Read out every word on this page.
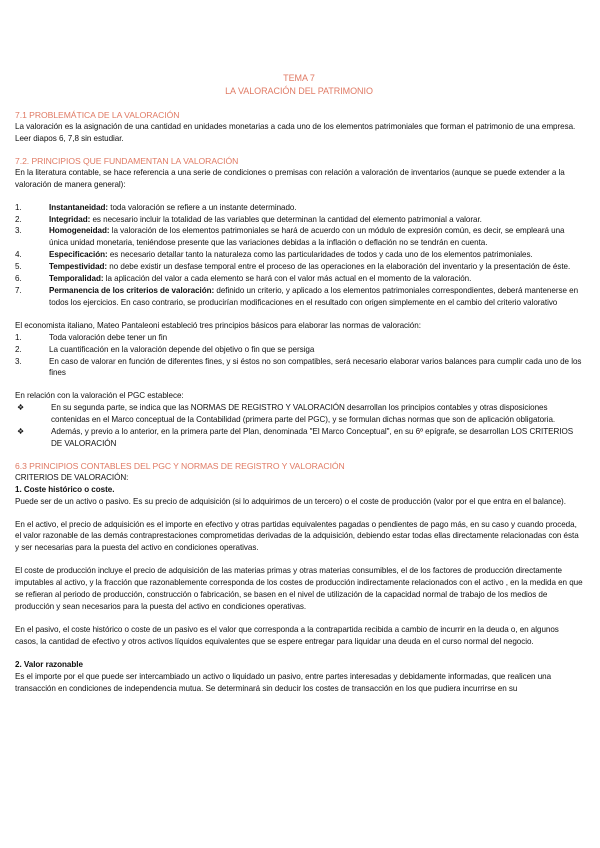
TEMA 7
LA VALORACIÓN DEL PATRIMONIO

7.1 PROBLEMÁTICA DE LA VALORACIÓN

La valoración es la asignación de una cantidad en unidades monetarias a cada uno de los elementos patrimoniales que forman el patrimonio de una empresa. Leer diapos 6, 7,8 sin estudiar.

7.2. PRINCIPIOS QUE FUNDAMENTAN LA VALORACIÓN

En la literatura contable, se hace referencia a una serie de condiciones o premisas con relación a valoración de inventarios (aunque se puede extender a la valoración de manera general):

1.	Instantaneidad: toda valoración se refiere a un instante determinado.
2.	Integridad: es necesario incluir la totalidad de las variables que determinan la cantidad del elemento patrimonial a valorar.
3.	Homogeneidad: la valoración de los elementos patrimoniales se hará de acuerdo con un módulo de expresión común, es decir, se empleará una única unidad monetaria, teniéndose presente que las variaciones debidas a la inflación o deflación no se tendrán en cuenta.
4.	Especificación: es necesario detallar tanto la naturaleza como las particularidades de todos y cada uno de los elementos patrimoniales.
5.	Tempestividad: no debe existir un desfase temporal entre el proceso de las operaciones en la elaboración del inventario y la presentación de éste.
6.	Temporalidad: la aplicación del valor a cada elemento se hará con el valor más actual en el momento de la valoración.
7.	Permanencia de los criterios de valoración: definido un criterio, y aplicado a los elementos patrimoniales correspondientes, deberá mantenerse en todos los ejercicios. En caso contrario, se producirían modificaciones en el resultado con origen simplemente en el cambio del criterio valorativo

El economista italiano, Mateo Pantaleoni estableció tres principios básicos para elaborar las normas de valoración:

1.	Toda valoración debe tener un fin
2.	La cuantificación en la valoración depende del objetivo o fin que se persiga
3.	En caso de valorar en función de diferentes fines, y si éstos no son compatibles, será necesario elaborar varios balances para cumplir cada uno de los fines

En relación con la valoración el PGC establece:

❖	En su segunda parte, se indica que las NORMAS DE REGISTRO Y VALORACIÓN desarrollan los principios contables y otras disposiciones contenidas en el Marco conceptual de la Contabilidad (primera parte del PGC), y se formulan dichas normas que son de aplicación obligatoria.
❖	Además, y previo a lo anterior, en la primera parte del Plan, denominada "El Marco Conceptual", en su 6º epígrafe, se desarrollan LOS CRITERIOS DE VALORACIÓN

6.3 PRINCIPIOS CONTABLES DEL PGC Y NORMAS DE REGISTRO Y VALORACIÓN

CRITERIOS DE VALORACIÓN:

1. Coste histórico o coste.

Puede ser de un activo o pasivo. Es su precio de adquisición (si lo adquirimos de un tercero) o el coste de producción (valor por el que entra en el balance).

En el activo, el precio de adquisición es el importe en efectivo y otras partidas equivalentes pagadas o pendientes de pago más, en su caso y cuando proceda, el valor razonable de las demás contraprestaciones comprometidas derivadas de la adquisición, debiendo estar todas ellas directamente relacionadas con ésta y ser necesarias para la puesta del activo en condiciones operativas.

El coste de producción incluye el precio de adquisición de las materias primas y otras materias consumibles, el de los factores de producción directamente imputables al activo, y la fracción que razonablemente corresponda de los costes de producción indirectamente relacionados con el activo , en la medida en que se refieran al periodo de producción, construcción o fabricación, se basen en el nivel de utilización de la capacidad normal de trabajo de los medios de producción y sean necesarios para la puesta del activo en condiciones operativas.

En el pasivo, el coste histórico o coste de un pasivo es el valor que corresponda a la contrapartida recibida a cambio de incurrir en la deuda o, en algunos casos, la cantidad de efectivo y otros activos líquidos equivalentes que se espere entregar para liquidar una deuda en el curso normal del negocio.

2. Valor razonable

Es el importe por el que puede ser intercambiado un activo o liquidado un pasivo, entre partes interesadas y debidamente informadas, que realicen una transacción en condiciones de independencia mutua. Se determinará sin deducir los costes de transacción en los que pudiera incurrirse en su
